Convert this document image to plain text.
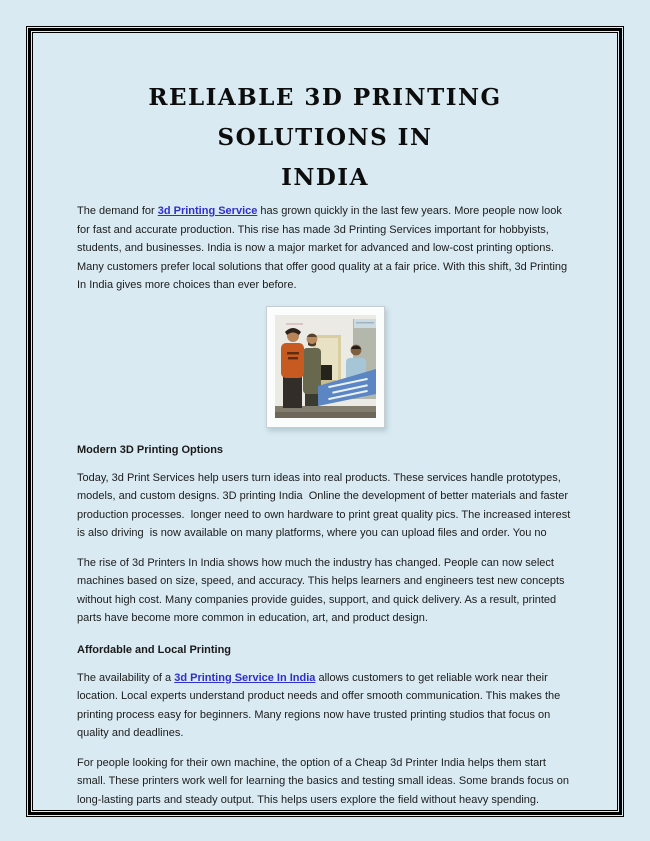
RELIABLE 3D PRINTING SOLUTIONS IN
INDIA

The demand for 3d Printing Service has grown quickly in the last few years. More people now look for fast and accurate production. This rise has made 3d Printing Services important for hobbyists, students, and businesses. India is now a major market for advanced and low-cost printing options. Many customers prefer local solutions that offer good quality at a fair price. With this shift, 3d Printing In India gives more choices than ever before.

Modern 3D Printing Options

Today, 3d Print Services help users turn ideas into real products. These services handle prototypes, models, and custom designs. 3D printing India  Online the development of better materials and faster production processes.  longer need to own hardware to print great quality pics. The increased interest is also driving  is now available on many platforms, where you can upload files and order. You no

The rise of 3d Printers In India shows how much the industry has changed. People can now select machines based on size, speed, and accuracy. This helps learners and engineers test new concepts without high cost. Many companies provide guides, support, and quick delivery. As a result, printed parts have become more common in education, art, and product design.

Affordable and Local Printing

The availability of a 3d Printing Service In India allows customers to get reliable work near their location. Local experts understand product needs and offer smooth communication. This makes the printing process easy for beginners. Many regions now have trusted printing studios that focus on quality and deadlines.

For people looking for their own machine, the option of a Cheap 3d Printer India helps them start small. These printers work well for learning the basics and testing small ideas. Some brands focus on long-lasting parts and steady output. This helps users explore the field without heavy spending.
